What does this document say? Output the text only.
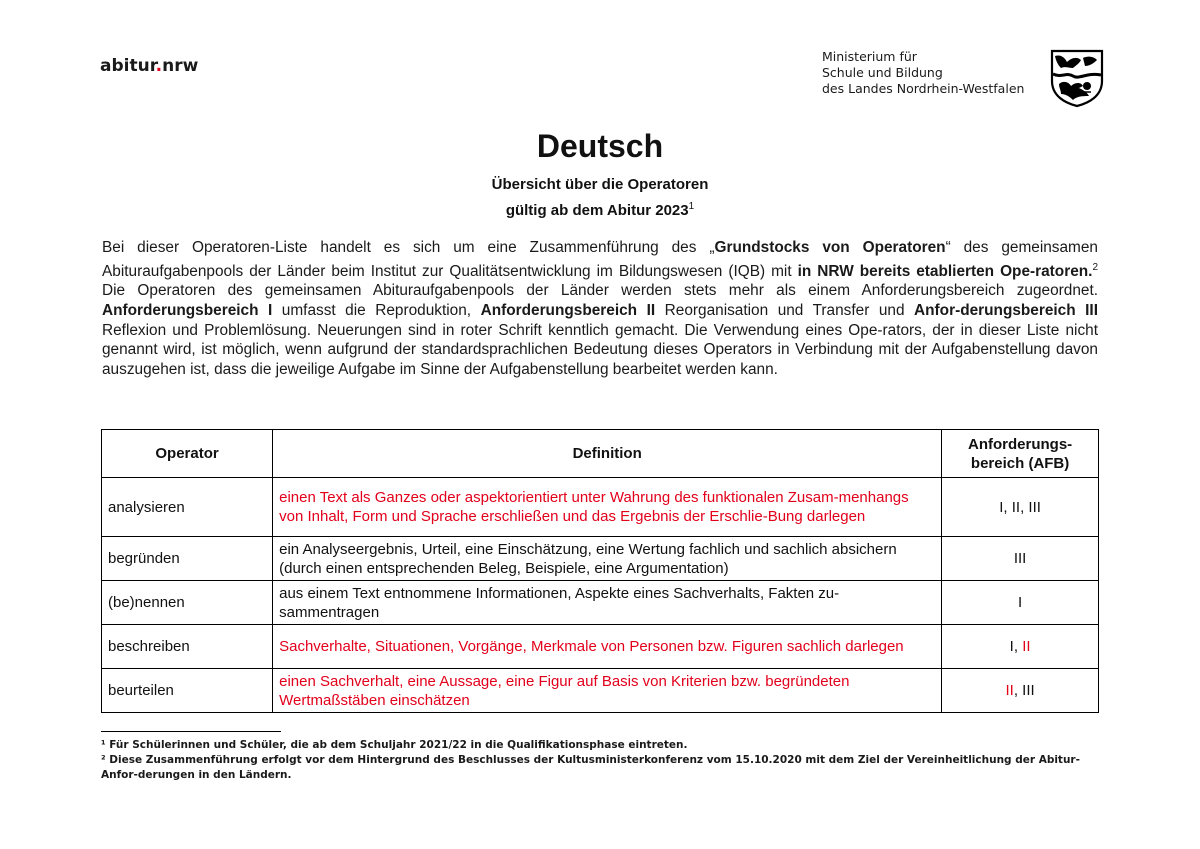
abitur.nrw	Ministerium für
Schule und Bildung
des Landes Nordrhein-Westfalen
Deutsch
Übersicht über die Operatoren
gültig ab dem Abitur 2023$^1$
Bei dieser Operatoren-Liste handelt es sich um eine Zusammenführung des „Grundstocks von Operatoren“ des gemeinsamen Abituraufgabenpools der Länder beim Institut zur Qualitätsentwicklung im Bildungswesen (IQB) mit in NRW bereits etablierten Ope-ratoren.$^2$ Die Operatoren des gemeinsamen Abituraufgabenpools der Länder werden stets mehr als einem Anforderungsbereich zugeordnet. Anforderungsbereich I umfasst die Reproduktion, Anforderungsbereich II Reorganisation und Transfer und Anfor-derungsbereich III Reflexion und Problemlösung. Neuerungen sind in roter Schrift kenntlich gemacht. Die Verwendung eines Ope-rators, der in dieser Liste nicht genannt wird, ist möglich, wenn aufgrund der standardsprachlichen Bedeutung dieses Operators in Verbindung mit der Aufgabenstellung davon auszugehen ist, dass die jeweilige Aufgabe im Sinne der Aufgabenstellung bearbeitet werden kann.
Operator	Definition	Anforderungs-
bereich (AFB)

analysieren	einen Text als Ganzes oder aspektorientiert unter Wahrung des funktionalen Zusam-menhangs von Inhalt, Form und Sprache erschließen und das Ergebnis der Erschlie-Bung darlegen	I, II, III
begründen	ein Analyseergebnis, Urteil, eine Einschätzung, eine Wertung fachlich und sachlich absichern (durch einen entsprechenden Beleg, Beispiele, eine Argumentation)	III
(be)nennen	aus einem Text entnommene Informationen, Aspekte eines Sachverhalts, Fakten zu-sammentragen	I
beschreiben	Sachverhalte, Situationen, Vorgänge, Merkmale von Personen bzw. Figuren sachlich darlegen	I, II
beurteilen	einen Sachverhalt, eine Aussage, eine Figur auf Basis von Kriterien bzw. begründeten Wertmaßstäben einschätzen	II, III

¹ Für Schülerinnen und Schüler, die ab dem Schuljahr 2021/22 in die Qualifikationsphase eintreten.

² Diese Zusammenführung erfolgt vor dem Hintergrund des Beschlusses der Kultusministerkonferenz vom 15.10.2020 mit dem Ziel der Vereinheitlichung der Abitur-Anfor-derungen in den Ländern.
